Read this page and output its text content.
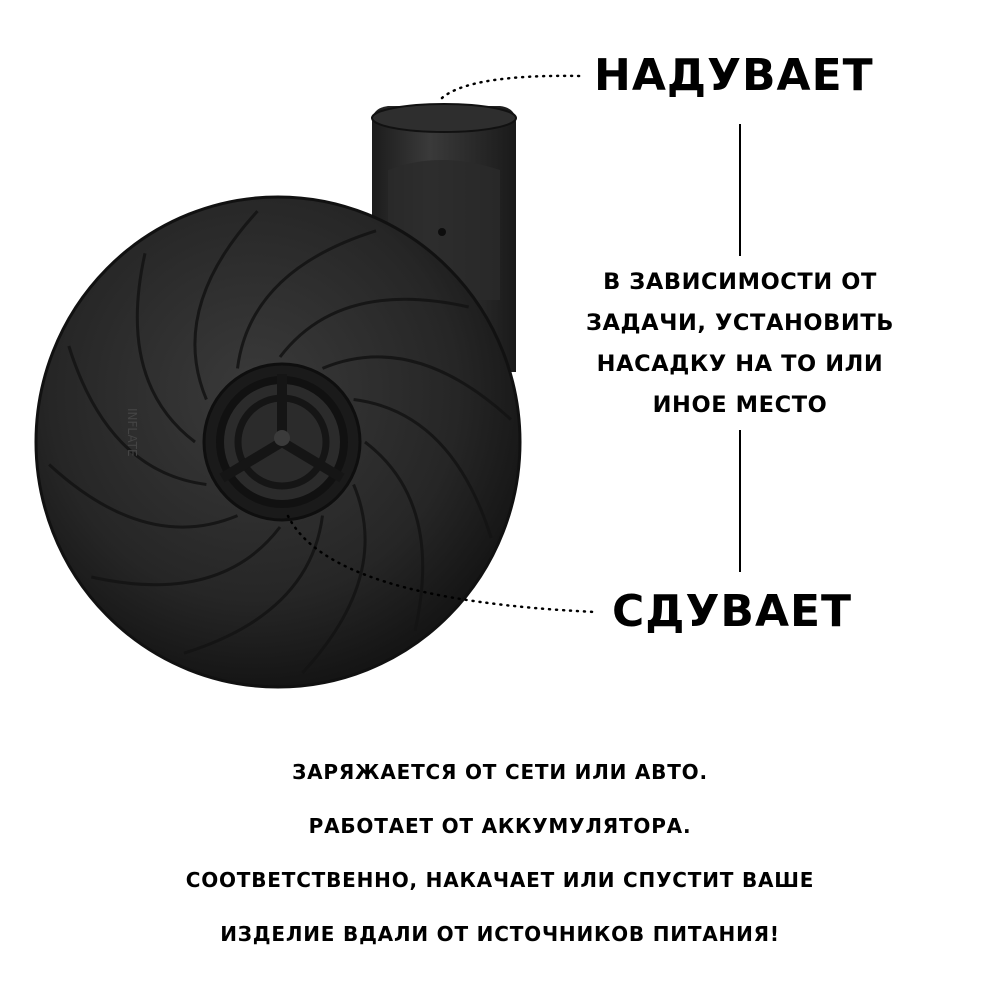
INFLATE
НАДУВАЕТ
СДУВАЕТ
В ЗАВИСИМОСТИ ОТ
ЗАДАЧИ, УСТАНОВИТЬ
НАСАДКУ НА ТО ИЛИ
ИНОЕ МЕСТО

ЗАРЯЖАЕТСЯ ОТ СЕТИ ИЛИ АВТО.

РАБОТАЕТ ОТ АККУМУЛЯТОРА.

СООТВЕТСТВЕННО, НАКАЧАЕТ ИЛИ СПУСТИТ ВАШЕ

ИЗДЕЛИЕ ВДАЛИ ОТ ИСТОЧНИКОВ ПИТАНИЯ!
